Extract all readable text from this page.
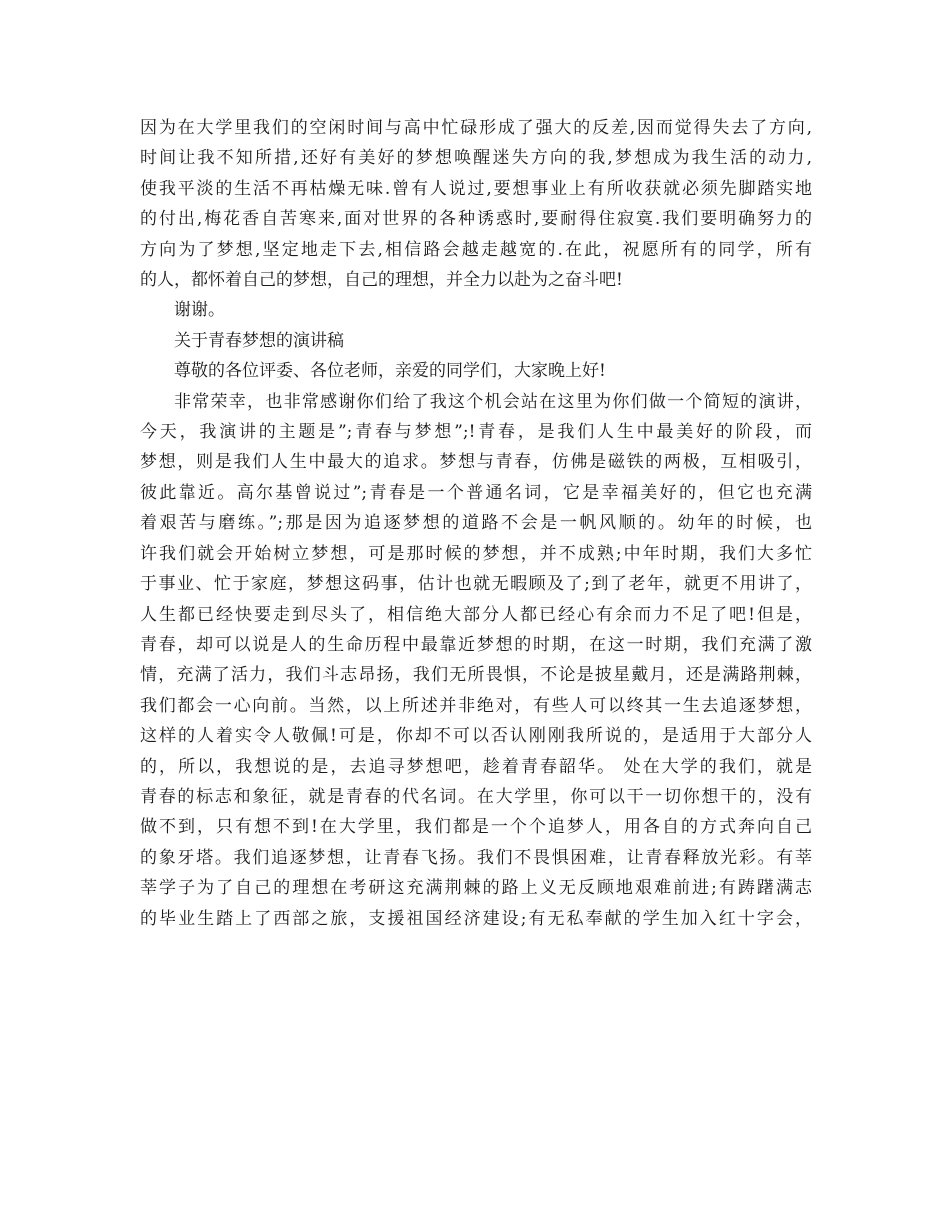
因为在大学里我们的空闲时间与高中忙碌形成了强大的反差,因而觉得失去了方向,
时间让我不知所措,还好有美好的梦想唤醒迷失方向的我,梦想成为我生活的动力,
使我平淡的生活不再枯燥无味.曾有人说过,要想事业上有所收获就必须先脚踏实地
的付出,梅花香自苦寒来,面对世界的各种诱惑时,要耐得住寂寞.我们要明确努力的
方向为了梦想,坚定地走下去,相信路会越走越宽的.在此，祝愿所有的同学，所有
的人，都怀着自己的梦想，自己的理想，并全力以赴为之奋斗吧!

谢谢。

关于青春梦想的演讲稿

尊敬的各位评委、各位老师，亲爱的同学们，大家晚上好!

非常荣幸，也非常感谢你们给了我这个机会站在这里为你们做一个简短的演讲，
今天，我演讲的主题是”;青春与梦想”;!青春，是我们人生中最美好的阶段，而
梦想，则是我们人生中最大的追求。梦想与青春，仿佛是磁铁的两极，互相吸引，
彼此靠近。高尔基曾说过”;青春是一个普通名词，它是幸福美好的，但它也充满
着艰苦与磨练。”;那是因为追逐梦想的道路不会是一帆风顺的。幼年的时候，也
许我们就会开始树立梦想，可是那时候的梦想，并不成熟;中年时期，我们大多忙
于事业、忙于家庭，梦想这码事，估计也就无暇顾及了;到了老年，就更不用讲了，
人生都已经快要走到尽头了，相信绝大部分人都已经心有余而力不足了吧!但是，
青春，却可以说是人的生命历程中最靠近梦想的时期，在这一时期，我们充满了激
情，充满了活力，我们斗志昂扬，我们无所畏惧，不论是披星戴月，还是满路荆棘，
我们都会一心向前。当然，以上所述并非绝对，有些人可以终其一生去追逐梦想，
这样的人着实令人敬佩!可是，你却不可以否认刚刚我所说的，是适用于大部分人
的，所以，我想说的是，去追寻梦想吧，趁着青春韶华。 处在大学的我们，就是
青春的标志和象征，就是青春的代名词。在大学里，你可以干一切你想干的，没有
做不到，只有想不到!在大学里，我们都是一个个追梦人，用各自的方式奔向自己
的象牙塔。我们追逐梦想，让青春飞扬。我们不畏惧困难，让青春释放光彩。有莘
莘学子为了自己的理想在考研这充满荆棘的路上义无反顾地艰难前进;有踌躇满志
的毕业生踏上了西部之旅，支援祖国经济建设;有无私奉献的学生加入红十字会，
